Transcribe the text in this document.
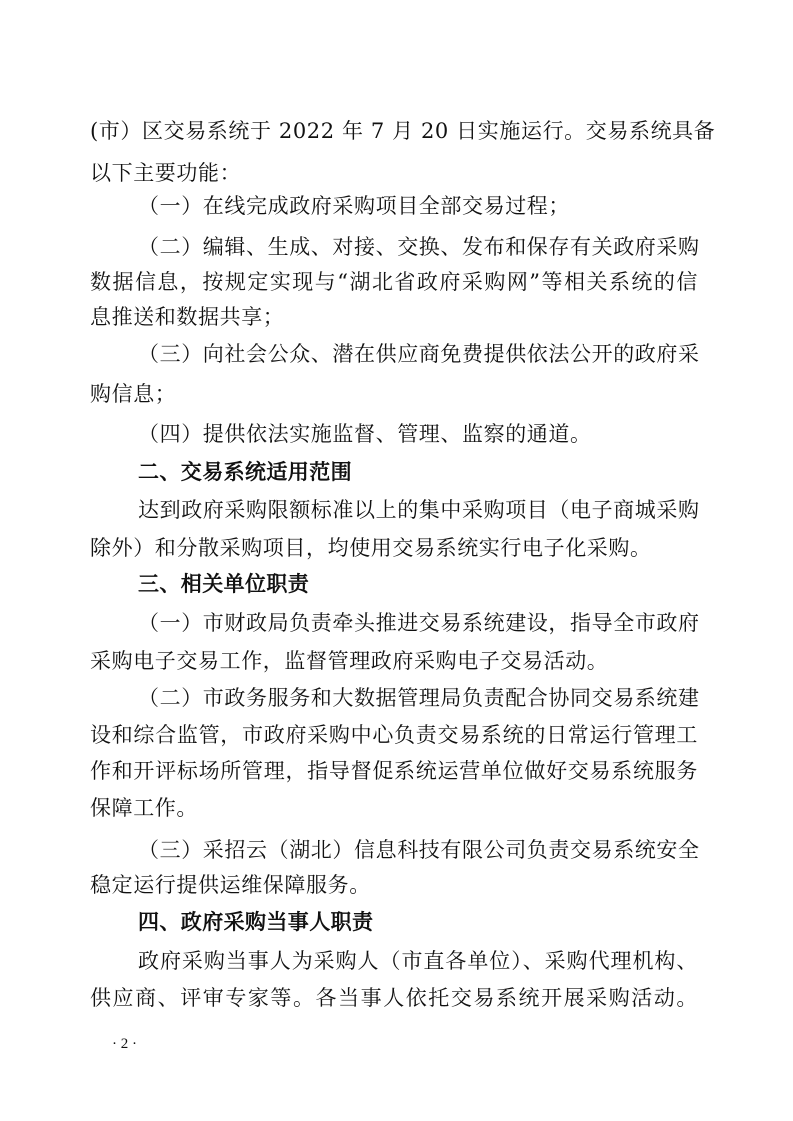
(市）区交易系统于 2022 年 7 月 20 日实施运行。交易系统具备
以下主要功能：
（一）在线完成政府采购项目全部交易过程；
（二）编辑、生成、对接、交换、发布和保存有关政府采购
数据信息，按规定实现与“湖北省政府采购网”等相关系统的信
息推送和数据共享；
（三）向社会公众、潜在供应商免费提供依法公开的政府采
购信息；
（四）提供依法实施监督、管理、监察的通道。
二、交易系统适用范围
达到政府采购限额标准以上的集中采购项目（电子商城采购
除外）和分散采购项目，均使用交易系统实行电子化采购。
三、相关单位职责
（一）市财政局负责牵头推进交易系统建设，指导全市政府
采购电子交易工作，监督管理政府采购电子交易活动。
（二）市政务服务和大数据管理局负责配合协同交易系统建
设和综合监管，市政府采购中心负责交易系统的日常运行管理工
作和开评标场所管理，指导督促系统运营单位做好交易系统服务
保障工作。
（三）采招云（湖北）信息科技有限公司负责交易系统安全
稳定运行提供运维保障服务。
四、政府采购当事人职责
政府采购当事人为采购人（市直各单位）、采购代理机构、
供应商、评审专家等。各当事人依托交易系统开展采购活动。
· 2 ·
